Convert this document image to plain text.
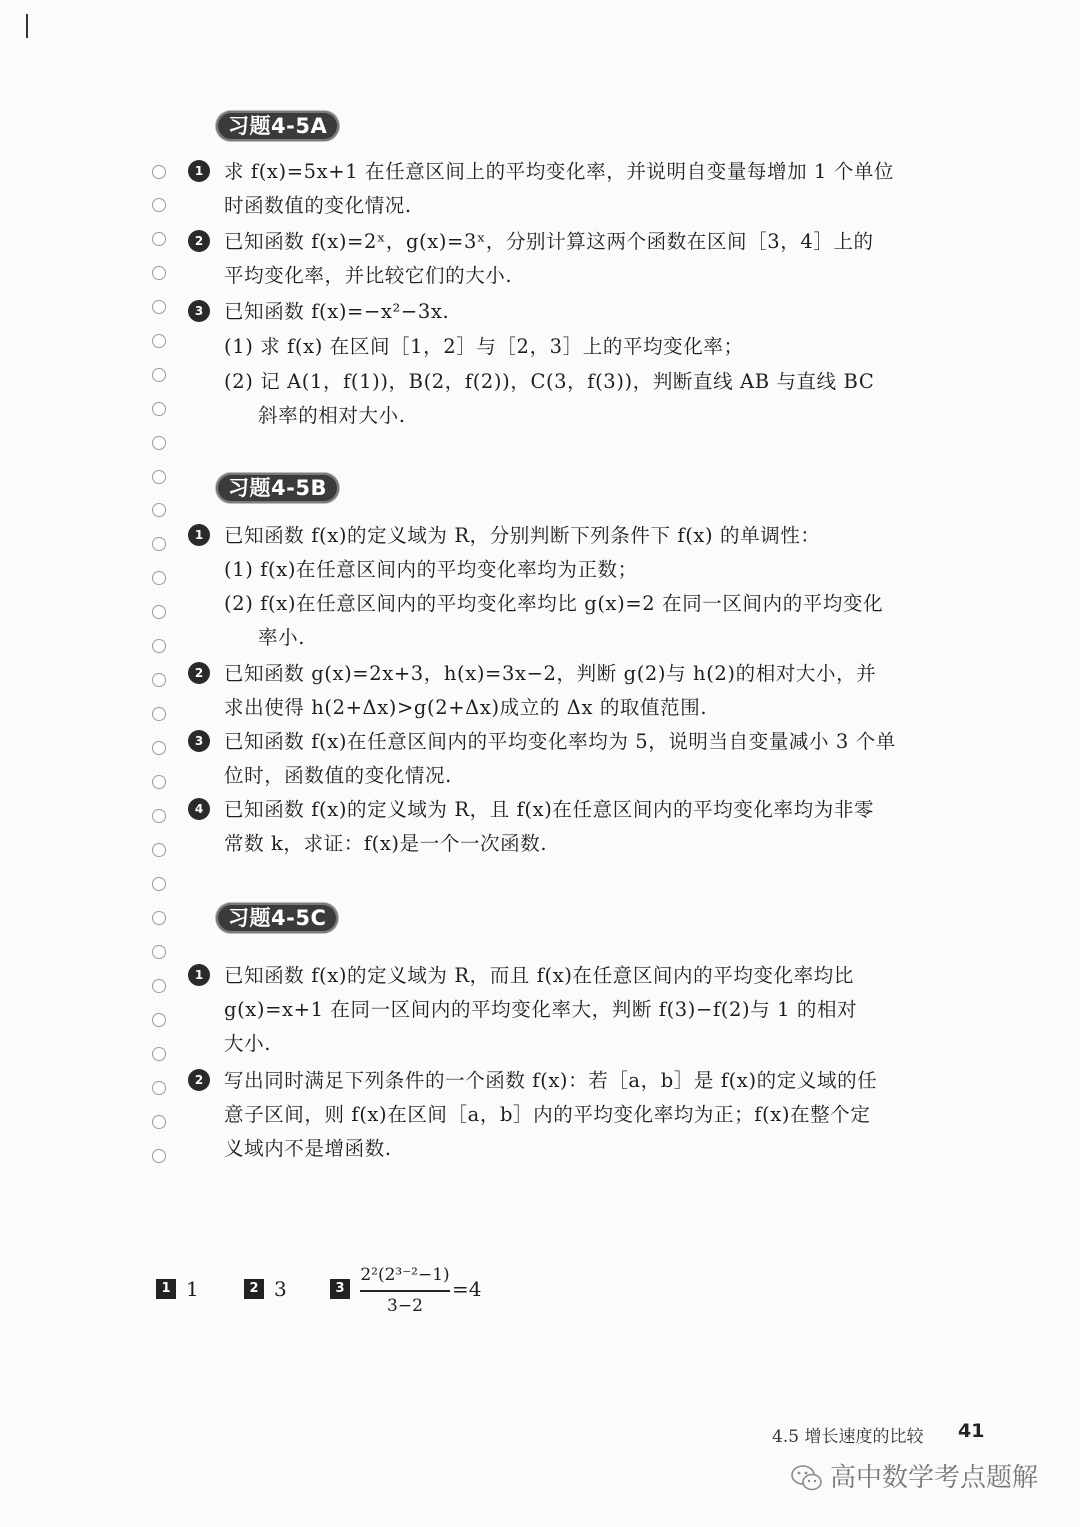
习题4-5A
1	求 f(x)=5x+1 在任意区间上的平均变化率，并说明自变量每增加 1 个单位
时函数值的变化情况.
2	已知函数 f(x)=2ˣ，g(x)=3ˣ，分别计算这两个函数在区间［3，4］上的
平均变化率，并比较它们的大小.
3	已知函数 f(x)=−x²−3x.
(1) 求 f(x) 在区间［1，2］与［2，3］上的平均变化率；
(2) 记 A(1，f(1))，B(2，f(2))，C(3，f(3))，判断直线 AB 与直线 BC
斜率的相对大小.
习题4-5B
1	已知函数 f(x)的定义域为 R，分别判断下列条件下 f(x) 的单调性：
(1) f(x)在任意区间内的平均变化率均为正数；
(2) f(x)在任意区间内的平均变化率均比 g(x)=2 在同一区间内的平均变化
率小.
2	已知函数 g(x)=2x+3，h(x)=3x−2，判断 g(2)与 h(2)的相对大小，并
求出使得 h(2+Δx)>g(2+Δx)成立的 Δx 的取值范围.
3	已知函数 f(x)在任意区间内的平均变化率均为 5，说明当自变量减小 3 个单
位时，函数值的变化情况.
4	已知函数 f(x)的定义域为 R，且 f(x)在任意区间内的平均变化率均为非零
常数 k，求证：f(x)是一个一次函数.
习题4-5C
1	已知函数 f(x)的定义域为 R，而且 f(x)在任意区间内的平均变化率均比
g(x)=x+1 在同一区间内的平均变化率大，判断 f(3)−f(2)与 1 的相对
大小.
2	写出同时满足下列条件的一个函数 f(x)：若［a，b］是 f(x)的定义域的任
意子区间，则 f(x)在区间［a，b］内的平均变化率均为正；f(x)在整个定
义域内不是增函数.
1 1	2 3	3
2²(2³⁻²−1)
3−2
=4
4.5 增长速度的比较 41
高中数学考点题解
